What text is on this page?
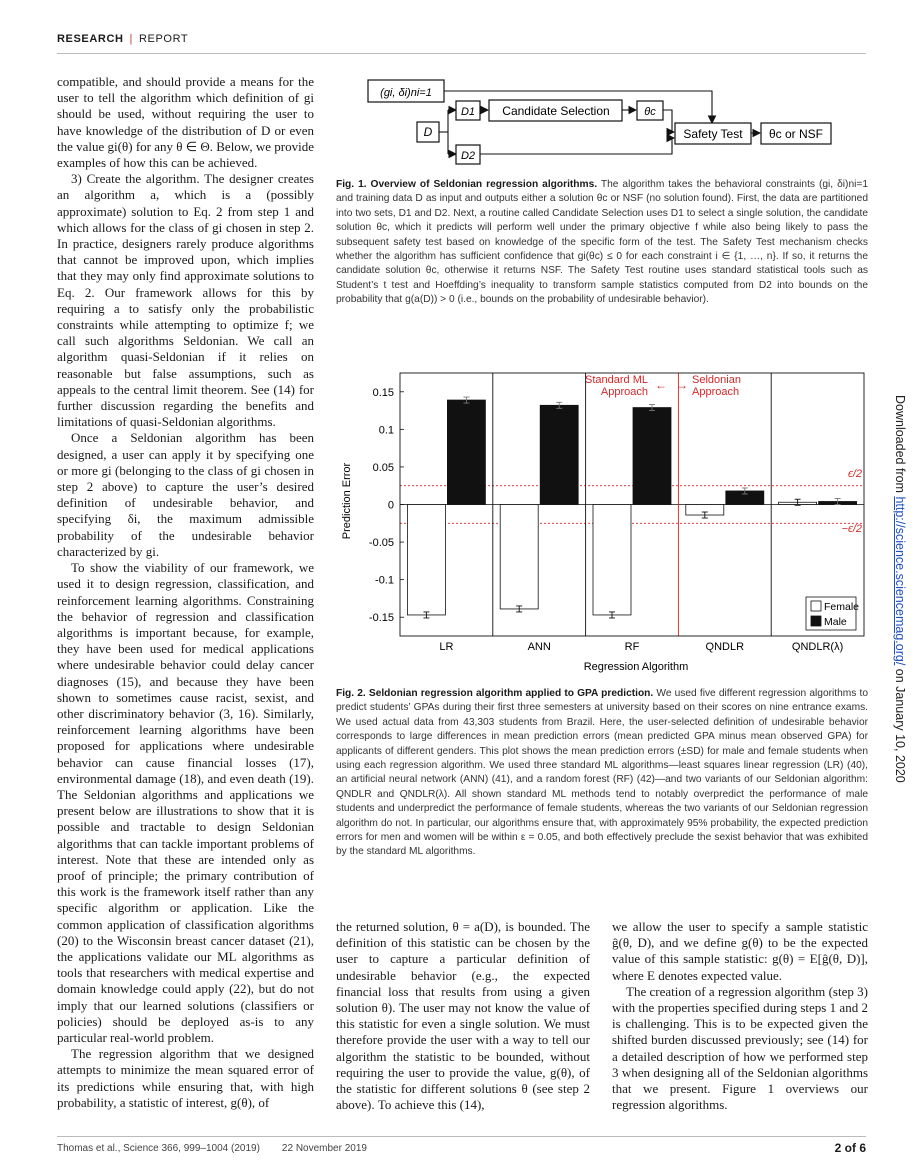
RESEARCH | REPORT

compatible, and should provide a means for the user to tell the algorithm which definition of gi should be used, without requiring the user to have knowledge of the distribution of D or even the value gi(θ) for any θ ∈ Θ. Below, we provide examples of how this can be achieved.

3) Create the algorithm. The designer creates an algorithm a, which is a (possibly approximate) solution to Eq. 2 from step 1 and which allows for the class of gi chosen in step 2. In practice, designers rarely produce algorithms that cannot be improved upon, which implies that they may only find approximate solutions to Eq. 2. Our framework allows for this by requiring a to satisfy only the probabilistic constraints while attempting to optimize f; we call such algorithms Seldonian. We call an algorithm quasi-Seldonian if it relies on reasonable but false assumptions, such as appeals to the central limit theorem. See (14) for further discussion regarding the benefits and limitations of quasi-Seldonian algorithms.

Once a Seldonian algorithm has been designed, a user can apply it by specifying one or more gi (belonging to the class of gi chosen in step 2 above) to capture the user’s desired definition of undesirable behavior, and specifying δi, the maximum admissible probability of the undesirable behavior characterized by gi.

To show the viability of our framework, we used it to design regression, classification, and reinforcement learning algorithms. Constraining the behavior of regression and classification algorithms is important because, for example, they have been used for medical applications where undesirable behavior could delay cancer diagnoses (15), and because they have been shown to sometimes cause racist, sexist, and other discriminatory behavior (3, 16). Similarly, reinforcement learning algorithms have been proposed for applications where undesirable behavior can cause financial losses (17), environmental damage (18), and even death (19). The Seldonian algorithms and applications we present below are illustrations to show that it is possible and tractable to design Seldonian algorithms that can tackle important problems of interest. Note that these are intended only as proof of principle; the primary contribution of this work is the framework itself rather than any specific algorithm or application. Like the common application of classification algorithms (20) to the Wisconsin breast cancer dataset (21), the applications validate our ML algorithms as tools that researchers with medical expertise and domain knowledge could apply (22), but do not imply that our learned solutions (classifiers or policies) should be deployed as-is to any particular real-world problem.

The regression algorithm that we designed attempts to minimize the mean squared error of its predictions while ensuring that, with high probability, a statistic of interest, g(θ), of

(gi, δi)ni=1
D
D1
D2
Candidate Selection	θc
Safety Test θc or NSF
Fig. 1. Overview of Seldonian regression algorithms. The algorithm takes the behavioral constraints (gi, δi)ni=1 and training data D as input and outputs either a solution θc or NSF (no solution found). First, the data are partitioned into two sets, D1 and D2. Next, a routine called Candidate Selection uses D1 to select a single solution, the candidate solution θc, which it predicts will perform well under the primary objective f while also being likely to pass the subsequent safety test based on knowledge of the specific form of the test. The Safety Test mechanism checks whether the algorithm has sufficient confidence that gi(θc) ≤ 0 for each constraint i ∈ {1, …, n}. If so, it returns the candidate solution θc, otherwise it returns NSF. The Safety Test routine uses standard statistical tools such as Student’s t test and Hoeffding’s inequality to transform sample statistics computed from D2 into bounds on the probability that g(a(D)) > 0 (i.e., bounds on the probability of undesirable behavior).
Prediction Error
Regression Algorithm
Standard ML
Approach ← → Seldonian
Approach
ϵ/2
−ϵ/2
LR	ANN	RF	QNDLR	QNDLR(λ)
0.15
0.1
0.05
0
-0.05
-0.1
-0.15
Female
Male
Fig. 2. Seldonian regression algorithm applied to GPA prediction. We used five different regression algorithms to predict students’ GPAs during their first three semesters at university based on their scores on nine entrance exams. We used actual data from 43,303 students from Brazil. Here, the user-selected definition of undesirable behavior corresponds to large differences in mean prediction errors (mean predicted GPA minus mean observed GPA) for applicants of different genders. This plot shows the mean prediction errors (±SD) for male and female students when using each regression algorithm. We used three standard ML algorithms—least squares linear regression (LR) (40), an artificial neural network (ANN) (41), and a random forest (RF) (42)—and two variants of our Seldonian algorithm: QNDLR and QNDLR(λ). All shown standard ML methods tend to notably overpredict the performance of male students and underpredict the performance of female students, whereas the two variants of our Seldonian regression algorithm do not. In particular, our algorithms ensure that, with approximately 95% probability, the expected prediction errors for men and women will be within ε = 0.05, and both effectively preclude the sexist behavior that was exhibited by the standard ML algorithms.

the returned solution, θ = a(D), is bounded. The definition of this statistic can be chosen by the user to capture a particular definition of undesirable behavior (e.g., the expected financial loss that results from using a given solution θ). The user may not know the value of this statistic for even a single solution. We must therefore provide the user with a way to tell our algorithm the statistic to be bounded, without requiring the user to provide the value, g(θ), of the statistic for different solutions θ (see step 2 above). To achieve this (14),

we allow the user to specify a sample statistic ĝ(θ, D), and we define g(θ) to be the expected value of this sample statistic: g(θ) = E[ĝ(θ, D)], where E denotes expected value.

The creation of a regression algorithm (step 3) with the properties specified during steps 1 and 2 is challenging. This is to be expected given the shifted burden discussed previously; see (14) for a detailed description of how we performed step 3 when designing all of the Seldonian algorithms that we present. Figure 1 overviews our regression algorithms.

Thomas et al., Science 366, 999–1004 (2019) 22 November 2019	2 of 6
Downloaded from http://science.sciencemag.org/ on January 10, 2020
